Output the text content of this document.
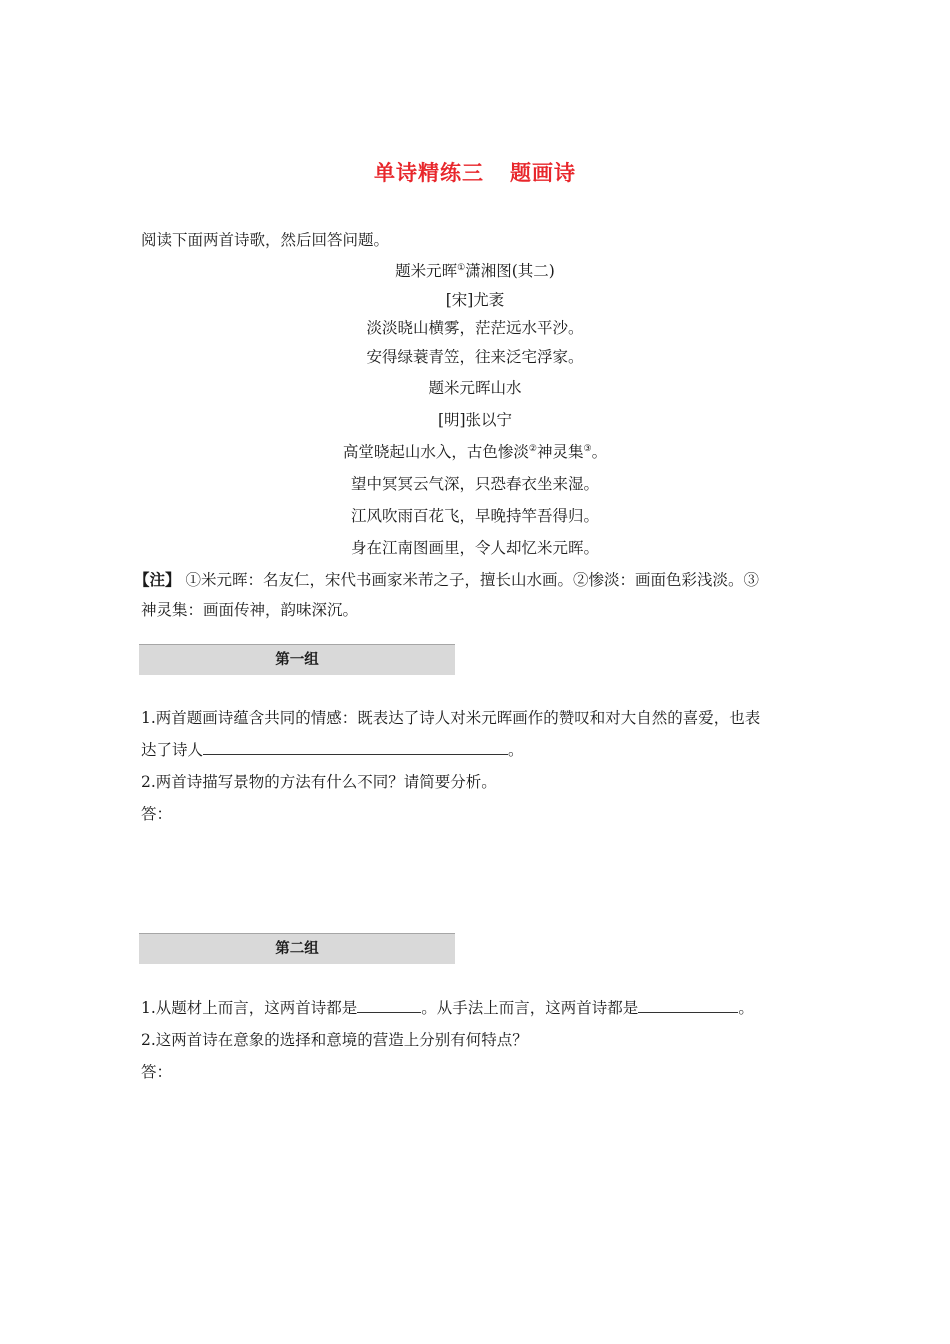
单诗精练三 题画诗
阅读下面两首诗歌，然后回答问题。
题米元晖①潇湘图(其二)
[宋]尤袤
淡淡晓山横雾，茫茫远水平沙。
安得绿蓑青笠，往来泛宅浮家。
题米元晖山水
[明]张以宁
高堂晓起山水入，古色惨淡②神灵集③。
望中冥冥云气深，只恐春衣坐来湿。
江风吹雨百花飞，早晚持竿吾得归。
身在江南图画里，令人却忆米元晖。
【注】 ①米元晖：名友仁，宋代书画家米芾之子，擅长山水画。②惨淡：画面色彩浅淡。③
神灵集：画面传神，韵味深沉。
第一组
1.两首题画诗蕴含共同的情感：既表达了诗人对米元晖画作的赞叹和对大自然的喜爱，也表
达了诗人	。
2.两首诗描写景物的方法有什么不同？请简要分析。
答：
第二组
1.从题材上而言，这两首诗都是	。从手法上而言，这两首诗都是	。
2.这两首诗在意象的选择和意境的营造上分别有何特点？
答：
